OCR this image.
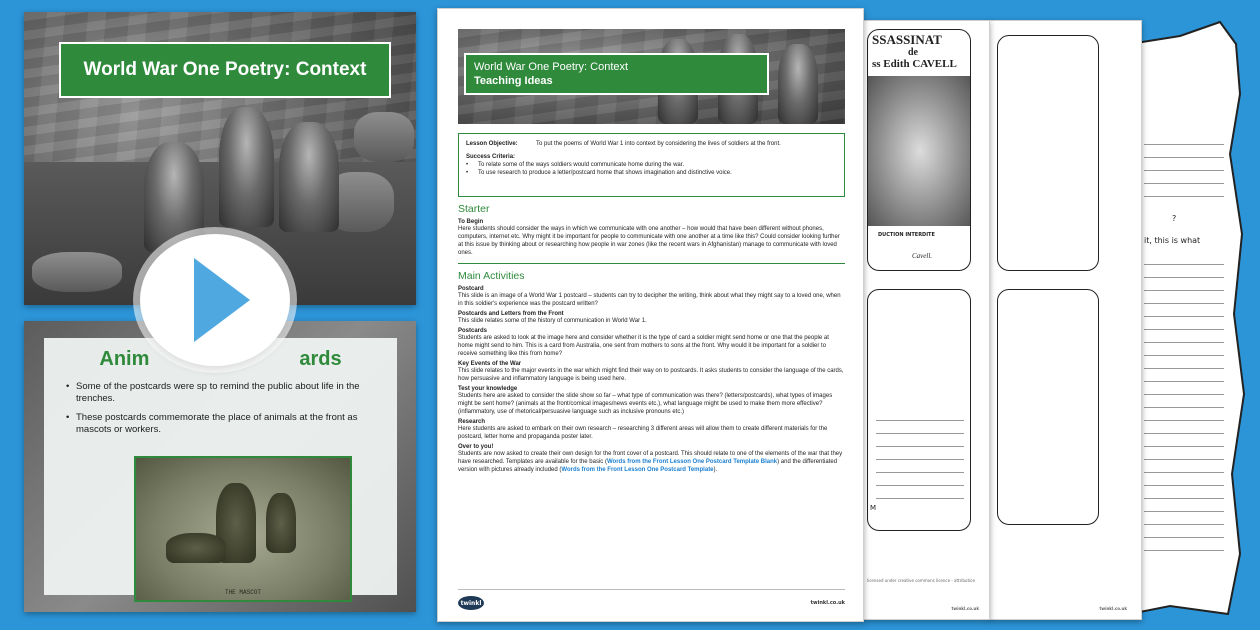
World War One Poetry: Context
Anim	ards
• Some of the postcards were sp to remind the public about life in the trenches.
• These postcards commemorate the place of animals at the front as mascots or workers.
THE MASCOT
?
it, this is what
twinkl.co.uk
SSASSINAT
de
ss Edith CAVELL
DUCTION INTERDITE
Cavell.
M
licensed under creative commons licence - attribution
twinkl.co.uk
World War One Poetry: Context
Teaching Ideas
Lesson Objective:	To put the poems of World War 1 into context by considering the lives of soldiers at the front.
Success Criteria:
• To relate some of the ways soldiers would communicate home during the war.
• To use research to produce a letter/postcard home that shows imagination and distinctive voice.
Starter
To Begin

Here students should consider the ways in which we communicate with one another – how would that have been different without phones, computers, internet etc. Why might it be important for people to communicate with one another at a time like this? Could consider looking further at this issue by thinking about or researching how people in war zones (like the recent wars in Afghanistan) manage to communicate with loved ones.

Main Activities
Postcard

This slide is an image of a World War 1 postcard – students can try to decipher the writing, think about what they might say to a loved one, when in this soldier's experience was the postcard written?

Postcards and Letters from the Front

This slide relates some of the history of communication in World War 1.

Postcards

Students are asked to look at the image here and consider whether it is the type of card a soldier might send home or one that the people at home might send to him. This is a card from Australia, one sent from mothers to sons at the front. Why would it be important for a soldier to receive something like this from home?

Key Events of the War

This slide relates to the major events in the war which might find their way on to postcards. It asks students to consider the language of the cards, how persuasive and inflammatory language is being used here.

Test your knowledge

Students here are asked to consider the slide show so far – what type of communication was there? (letters/postcards), what types of images might be sent home? (animals at the front/comical images/news events etc.), what language might be used to make them more effective? (inflammatory, use of rhetorical/persuasive language such as inclusive pronouns etc.)

Research

Here students are asked to embark on their own research – researching 3 different areas will allow them to create different materials for the postcard, letter home and propaganda poster later.

Over to you!

Students are now asked to create their own design for the front cover of a postcard. This should relate to one of the elements of the war that they have researched. Templates are available for the basic (Words from the Front Lesson One Postcard Template Blank) and the differentiated version with pictures already included (Words from the Front Lesson One Postcard Template).

twinkl	twinkl.co.uk
